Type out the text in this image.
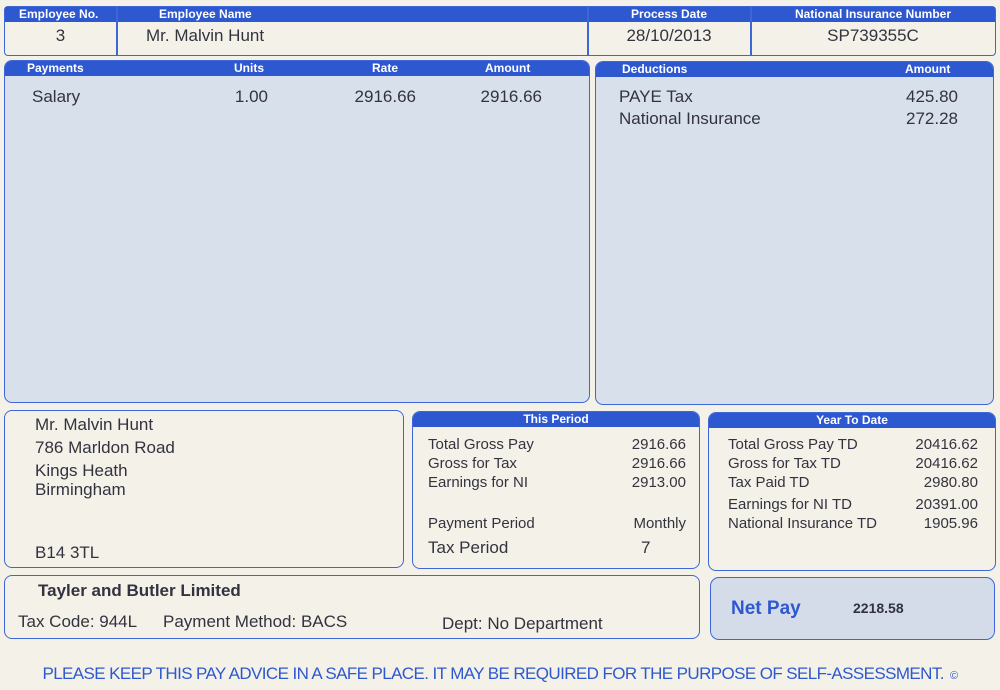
Employee No.	Employee Name	Process Date	National Insurance Number
3	Mr. Malvin Hunt	28/10/2013	SP739355C
Payments	Units	Rate	Amount
Salary	1.00	2916.66	2916.66
Deductions	Amount
PAYE Tax	425.80
National Insurance	272.28
Mr. Malvin Hunt
786 Marldon Road
Kings Heath
Birmingham
B14 3TL
This Period
Total Gross Pay	2916.66
Gross for Tax	2916.66
Earnings for NI	2913.00
Payment Period	Monthly
Tax Period	7
Year To Date
Total Gross Pay TD	20416.62
Gross for Tax TD	20416.62
Tax Paid TD	2980.80
Earnings for NI TD	20391.00
National Insurance TD	1905.96
Tayler and Butler Limited
Tax Code: 944L Payment Method: BACS	Dept: No Department
Net Pay	2218.58
PLEASE KEEP THIS PAY ADVICE IN A SAFE PLACE. IT MAY BE REQUIRED FOR THE PURPOSE OF SELF-ASSESSMENT. ©
